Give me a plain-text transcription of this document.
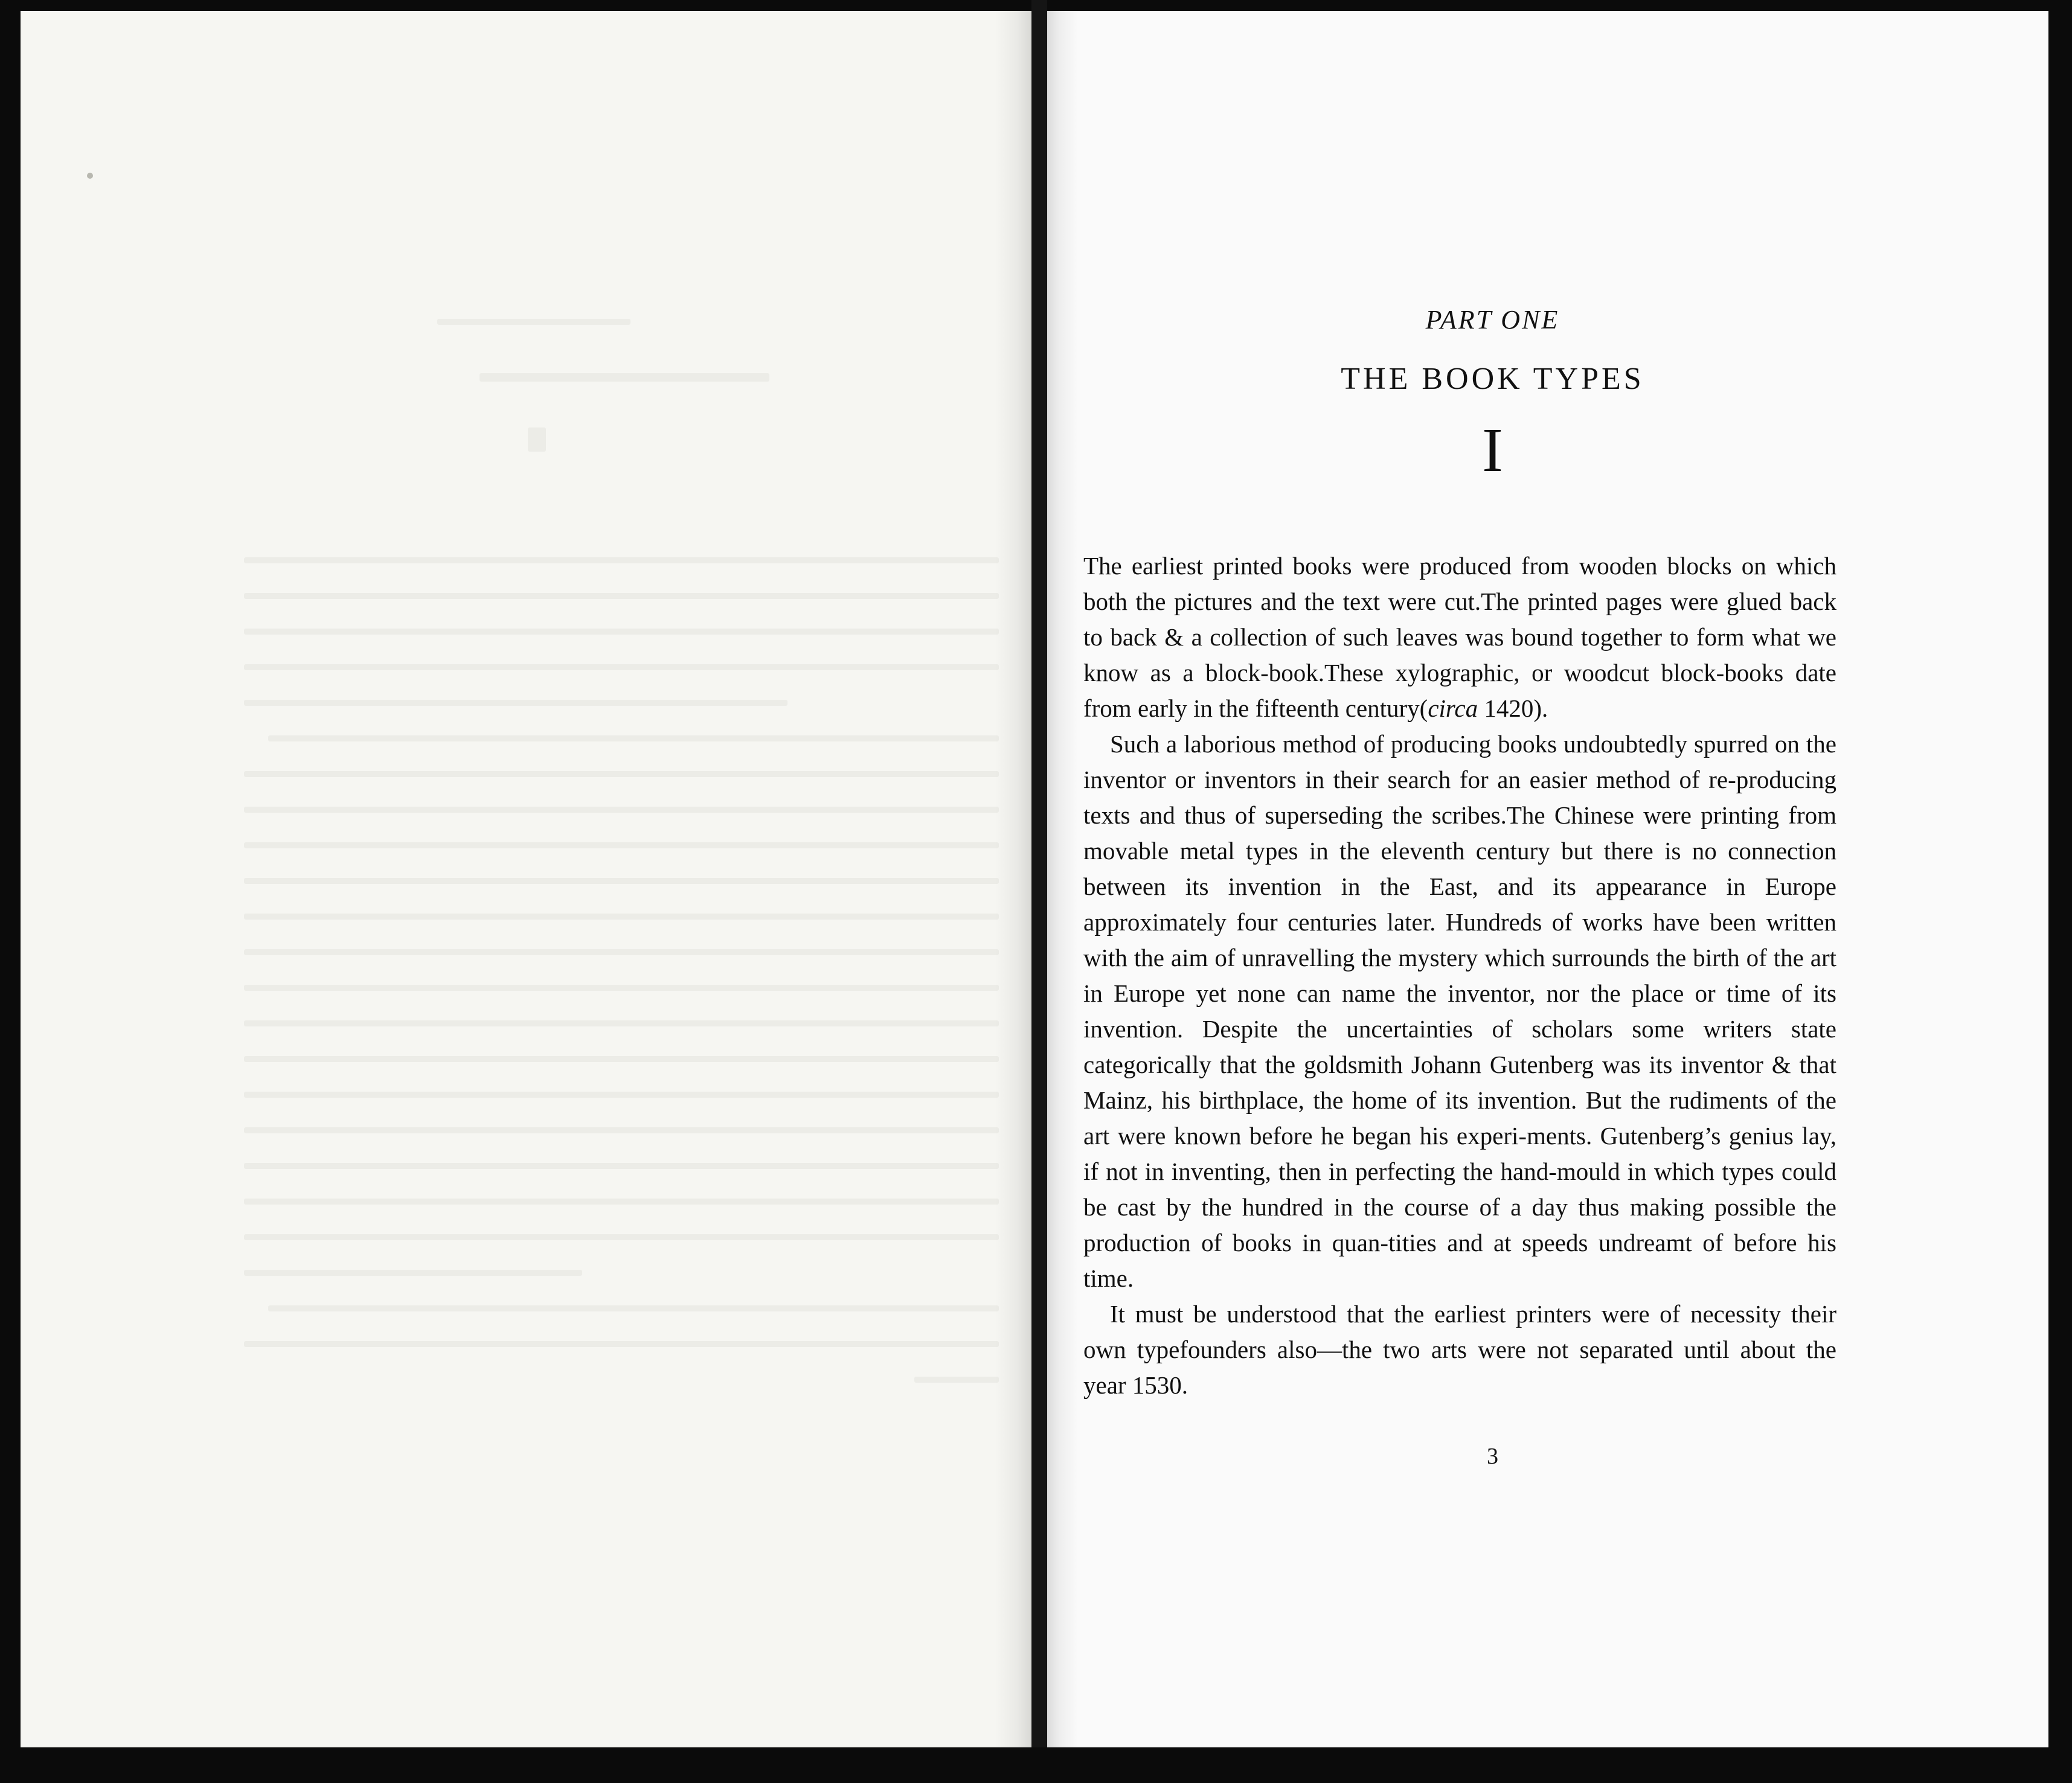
PART ONE
THE BOOK TYPES
I

The earliest printed books were produced from wooden blocks on which both the pictures and the text were cut.The printed pages were glued back to back & a collection of such leaves was bound together to form what we know as a block-book.These xylographic, or woodcut block-books date from early in the fifteenth century(circa 1420).

Such a laborious method of producing books undoubtedly spurred on the inventor or inventors in their search for an easier method of re-producing texts and thus of superseding the scribes.The Chinese were printing from movable metal types in the eleventh century but there is no connection between its invention in the East, and its appearance in Europe approximately four centuries later. Hundreds of works have been written with the aim of unravelling the mystery which surrounds the birth of the art in Europe yet none can name the inventor, nor the place or time of its invention. Despite the uncertainties of scholars some writers state categorically that the goldsmith Johann Gutenberg was its inventor & that Mainz, his birthplace, the home of its invention. But the rudiments of the art were known before he began his experi-ments. Gutenberg’s genius lay, if not in inventing, then in perfecting the hand-mould in which types could be cast by the hundred in the course of a day thus making possible the production of books in quan-tities and at speeds undreamt of before his time.

It must be understood that the earliest printers were of necessity their own typefounders also—the two arts were not separated until about the year 1530.

3
